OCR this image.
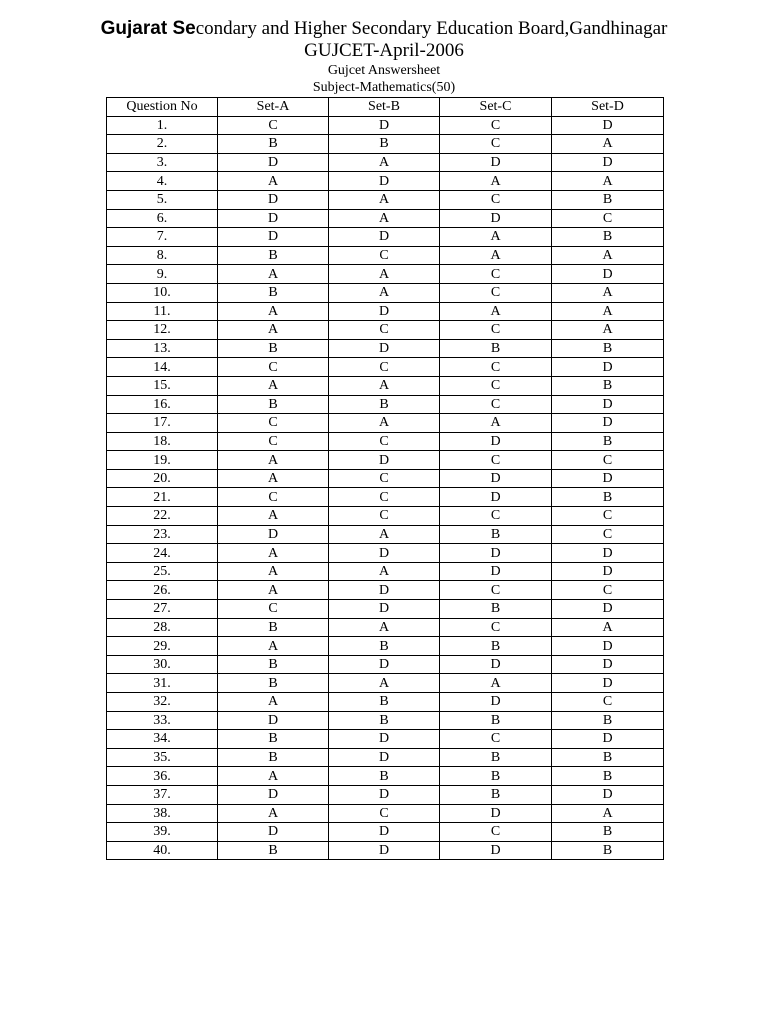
Gujarat Secondary and Higher Secondary Education Board,Gandhinagar
GUJCET-April-2006
Gujcet Answersheet
Subject-Mathematics(50)
Question No	Set-A	Set-B	Set-C	Set-D
1.	C	D	C	D
2.	B	B	C	A
3.	D	A	D	D
4.	A	D	A	A
5.	D	A	C	B
6.	D	A	D	C
7.	D	D	A	B
8.	B	C	A	A
9.	A	A	C	D
10.	B	A	C	A
11.	A	D	A	A
12.	A	C	C	A
13.	B	D	B	B
14.	C	C	C	D
15.	A	A	C	B
16.	B	B	C	D
17.	C	A	A	D
18.	C	C	D	B
19.	A	D	C	C
20.	A	C	D	D
21.	C	C	D	B
22.	A	C	C	C
23.	D	A	B	C
24.	A	D	D	D
25.	A	A	D	D
26.	A	D	C	C
27.	C	D	B	D
28.	B	A	C	A
29.	A	B	B	D
30.	B	D	D	D
31.	B	A	A	D
32.	A	B	D	C
33.	D	B	B	B
34.	B	D	C	D
35.	B	D	B	B
36.	A	B	B	B
37.	D	D	B	D
38.	A	C	D	A
39.	D	D	C	B
40.	B	D	D	B
